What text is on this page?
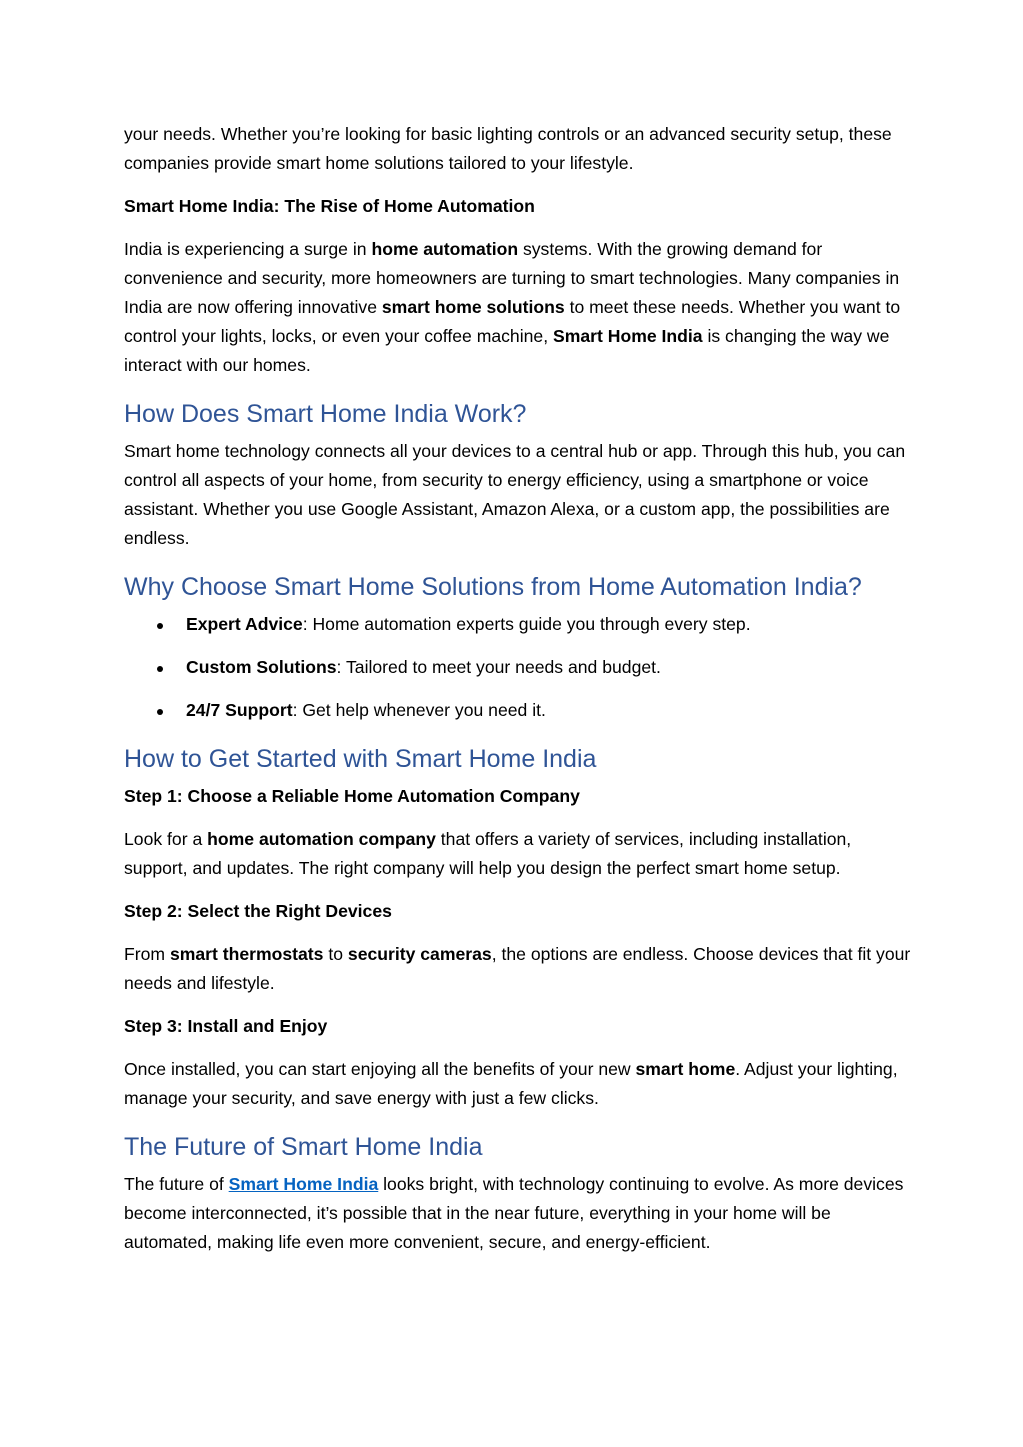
your needs. Whether you’re looking for basic lighting controls or an advanced security setup, these companies provide smart home solutions tailored to your lifestyle.

Smart Home India: The Rise of Home Automation

India is experiencing a surge in home automation systems. With the growing demand for convenience and security, more homeowners are turning to smart technologies. Many companies in India are now offering innovative smart home solutions to meet these needs. Whether you want to control your lights, locks, or even your coffee machine, Smart Home India is changing the way we interact with our homes.

How Does Smart Home India Work?

Smart home technology connects all your devices to a central hub or app. Through this hub, you can control all aspects of your home, from security to energy efficiency, using a smartphone or voice assistant. Whether you use Google Assistant, Amazon Alexa, or a custom app, the possibilities are endless.

Why Choose Smart Home Solutions from Home Automation India?
Expert Advice: Home automation experts guide you through every step.
Custom Solutions: Tailored to meet your needs and budget.
24/7 Support: Get help whenever you need it.
How to Get Started with Smart Home India

Step 1: Choose a Reliable Home Automation Company

Look for a home automation company that offers a variety of services, including installation, support, and updates. The right company will help you design the perfect smart home setup.

Step 2: Select the Right Devices

From smart thermostats to security cameras, the options are endless. Choose devices that fit your needs and lifestyle.

Step 3: Install and Enjoy

Once installed, you can start enjoying all the benefits of your new smart home. Adjust your lighting, manage your security, and save energy with just a few clicks.

The Future of Smart Home India

The future of Smart Home India looks bright, with technology continuing to evolve. As more devices become interconnected, it’s possible that in the near future, everything in your home will be automated, making life even more convenient, secure, and energy-efficient.
